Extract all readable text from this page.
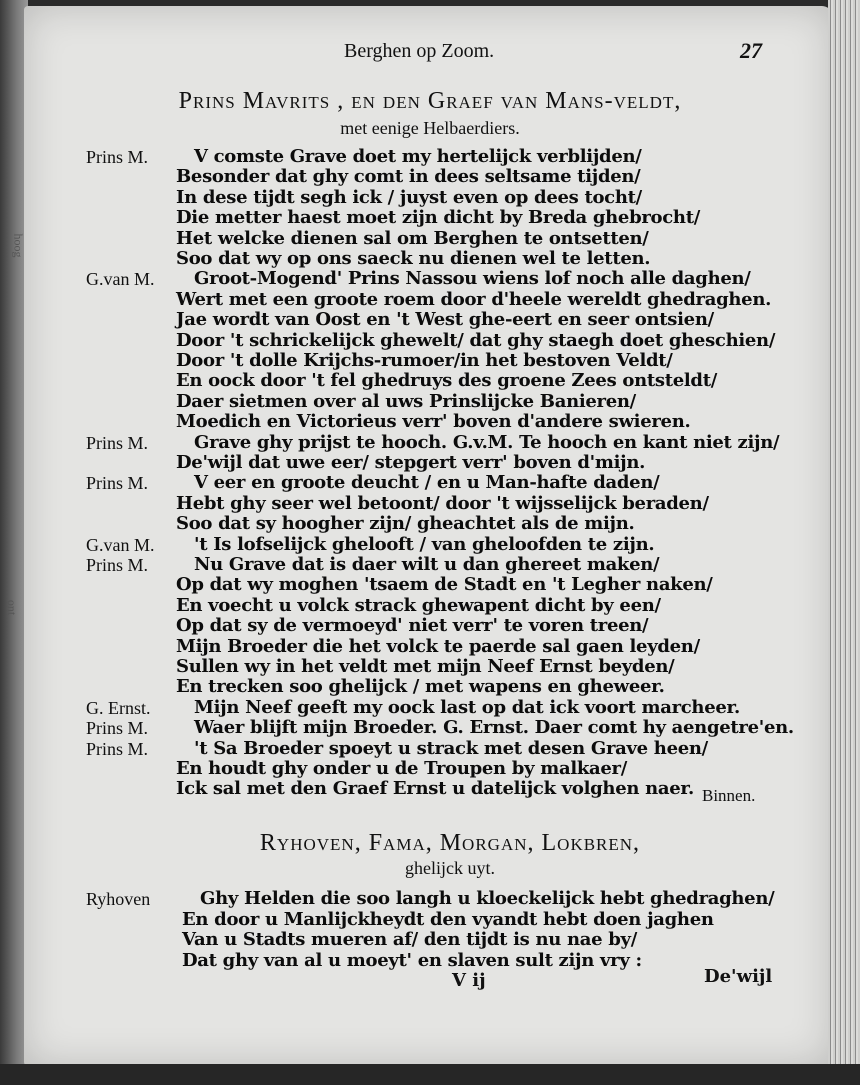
hoog
ont
Berghen op Zoom.	27
Prins Mavrits , en den Graef van Mans-veldt,
met eenige Helbaerdiers.
Prins M.	V comste Grave doet my hertelijck verblijden/
Besonder dat ghy comt in dees seltsame tijden/
In dese tijdt segh ick / juyst even op dees tocht/
Die metter haest moet zijn dicht by Breda ghebrocht/
Het welcke dienen sal om Berghen te ontsetten/
Soo dat wy op ons saeck nu dienen wel te letten.
G.van M. Groot-Mogend' Prins Nassou wiens lof noch alle daghen/
Wert met een groote roem door d'heele wereldt ghedraghen.
Jae wordt van Oost en 't West ghe-eert en seer ontsien/
Door 't schrickelijck ghewelt/ dat ghy staegh doet gheschien/
Door 't dolle Krijchs-rumoer/in het bestoven Veldt/
En oock door 't fel ghedruys des groene Zees ontsteldt/
Daer sietmen over al uws Prinslijcke Banieren/
Moedich en Victorieus verr' boven d'andere swieren.
Prins M.	Grave ghy prijst te hooch. G.v.M. Te hooch en kant niet zijn/
De'wijl dat uwe eer/ stepgert verr' boven d'mijn.
Prins M.	V eer en groote deucht / en u Man-hafte daden/
Hebt ghy seer wel betoont/ door 't wijsselijck beraden/
Soo dat sy hoogher zijn/ gheachtet als de mijn.
G.van M. 't Is lofselijck ghelooft / van gheloofden te zijn.
Prins M.	Nu Grave dat is daer wilt u dan ghereet maken/
Op dat wy moghen 'tsaem de Stadt en 't Legher naken/
En voecht u volck strack ghewapent dicht by een/
Op dat sy de vermoeyd' niet verr' te voren treen/
Mijn Broeder die het volck te paerde sal gaen leyden/
Sullen wy in het veldt met mijn Neef Ernst beyden/
En trecken soo ghelijck / met wapens en gheweer.
G. Ernst. Mijn Neef geeft my oock last op dat ick voort marcheer.
Prins M.	Waer blijft mijn Broeder. G. Ernst. Daer comt hy aengetre'en.
Prins M.	't Sa Broeder spoeyt u strack met desen Grave heen/
En houdt ghy onder u de Troupen by malkaer/
Ick sal met den Graef Ernst u datelijck volghen naer. Binnen.
Ryhoven, Fama, Morgan, Lokbren,
ghelijck uyt.
Ryhoven	Ghy Helden die soo langh u kloeckelijck hebt ghedraghen/
En door u Manlijckheydt den vyandt hebt doen jaghen
Van u Stadts mueren af/ den tijdt is nu nae by/
Dat ghy van al u moeyt' en slaven sult zijn vry :
V ij	De'wijl
